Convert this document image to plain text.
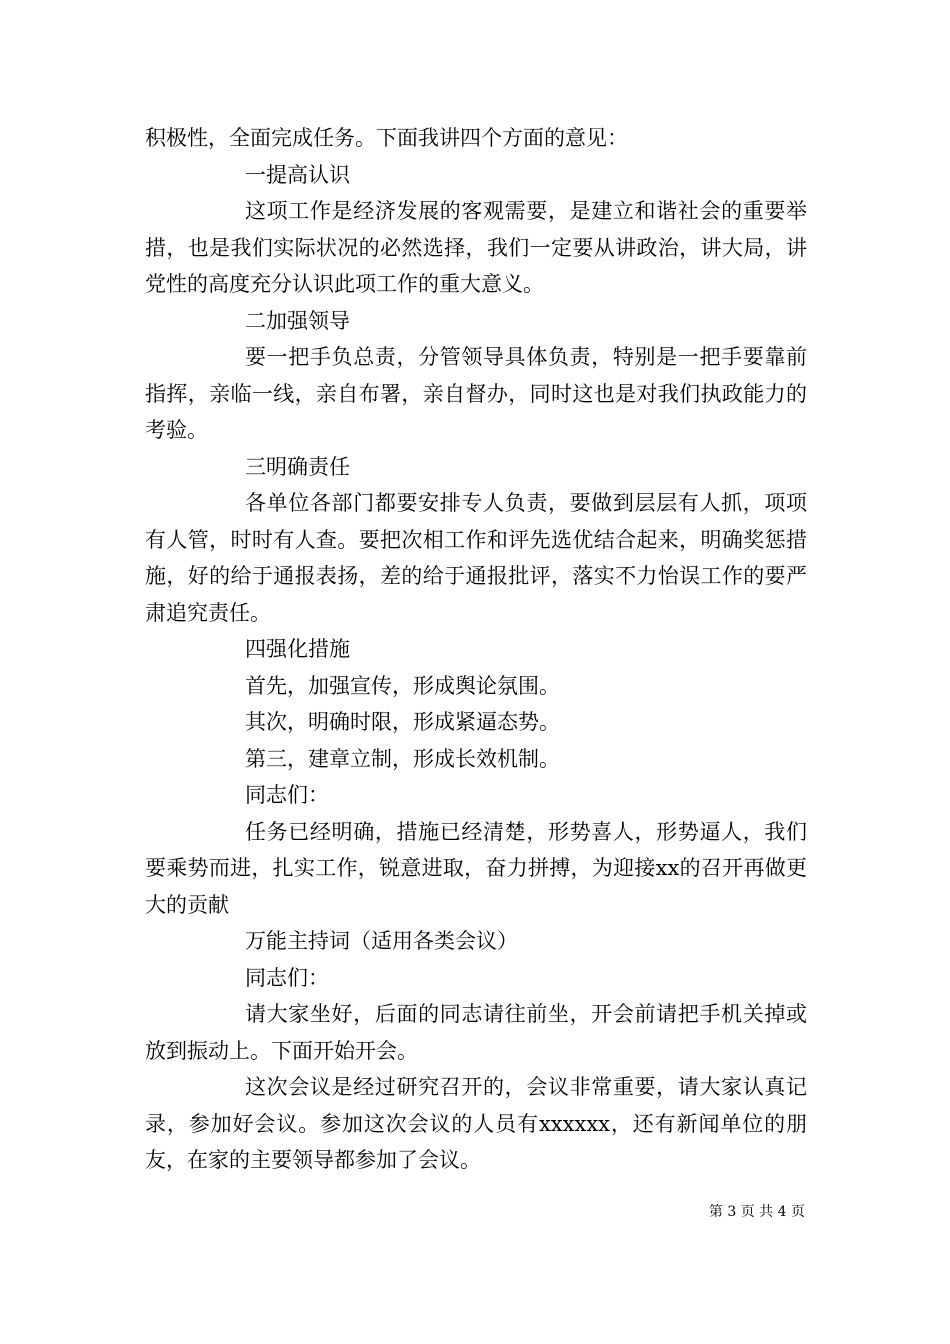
积极性，全面完成任务。下面我讲四个方面的意见：

一提高认识

这项工作是经济发展的客观需要，是建立和谐社会的重要举措，也是我们实际状况的必然选择，我们一定要从讲政治，讲大局，讲党性的高度充分认识此项工作的重大意义。

二加强领导

要一把手负总责，分管领导具体负责，特别是一把手要靠前指挥，亲临一线，亲自布署，亲自督办，同时这也是对我们执政能力的考验。

三明确责任

各单位各部门都要安排专人负责，要做到层层有人抓，项项有人管，时时有人查。要把次相工作和评先选优结合起来，明确奖惩措施，好的给于通报表扬，差的给于通报批评，落实不力怡误工作的要严肃追究责任。

四强化措施

首先，加强宣传，形成舆论氛围。

其次，明确时限，形成紧逼态势。

第三，建章立制，形成长效机制。

同志们：

任务已经明确，措施已经清楚，形势喜人，形势逼人，我们要乘势而进，扎实工作，锐意进取，奋力拼搏，为迎接xx的召开再做更大的贡献

万能主持词（适用各类会议）

同志们：

请大家坐好，后面的同志请往前坐，开会前请把手机关掉或放到振动上。下面开始开会。

这次会议是经过研究召开的，会议非常重要，请大家认真记录，参加好会议。参加这次会议的人员有xxxxxx，还有新闻单位的朋友，在家的主要领导都参加了会议。

第 3 页 共 4 页
